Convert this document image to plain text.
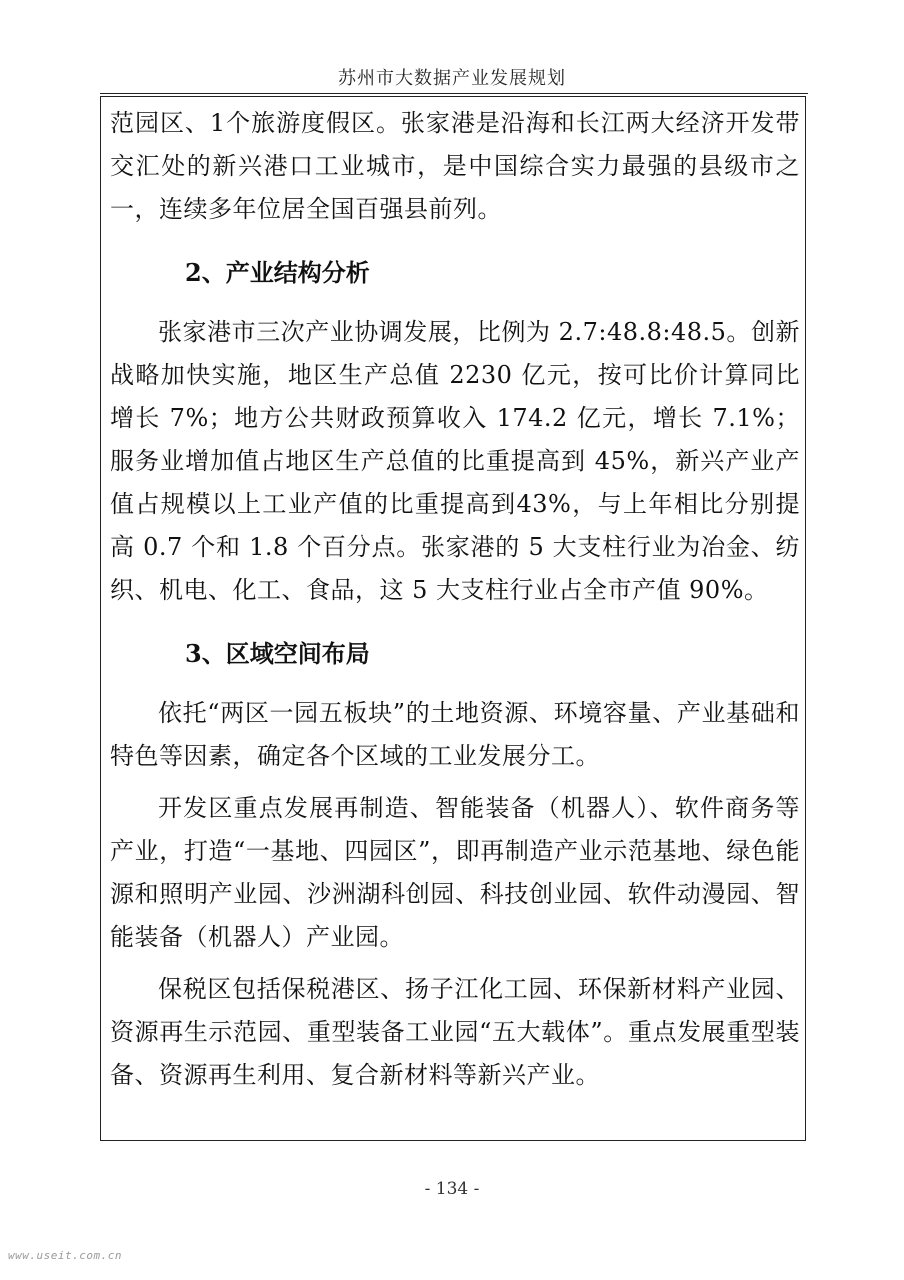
苏州市大数据产业发展规划

范园区、1个旅游度假区。张家港是沿海和长江两大经济开发带交汇处的新兴港口工业城市，是中国综合实力最强的县级市之一，连续多年位居全国百强县前列。

2、产业结构分析

张家港市三次产业协调发展，比例为 2.7:48.8:48.5。创新战略加快实施，地区生产总值 2230 亿元，按可比价计算同比增长 7%；地方公共财政预算收入 174.2 亿元，增长 7.1%；服务业增加值占地区生产总值的比重提高到 45%，新兴产业产值占规模以上工业产值的比重提高到43%，与上年相比分别提高 0.7 个和 1.8 个百分点。张家港的 5 大支柱行业为冶金、纺织、机电、化工、食品，这 5 大支柱行业占全市产值 90%。

3、区域空间布局

依托“两区一园五板块”的土地资源、环境容量、产业基础和特色等因素，确定各个区域的工业发展分工。

开发区重点发展再制造、智能装备（机器人）、软件商务等产业，打造“一基地、四园区”，即再制造产业示范基地、绿色能源和照明产业园、沙洲湖科创园、科技创业园、软件动漫园、智能装备（机器人）产业园。

保税区包括保税港区、扬子江化工园、环保新材料产业园、资源再生示范园、重型装备工业园“五大载体”。重点发展重型装备、资源再生利用、复合新材料等新兴产业。

- 134 -
www.useit.com.cn
